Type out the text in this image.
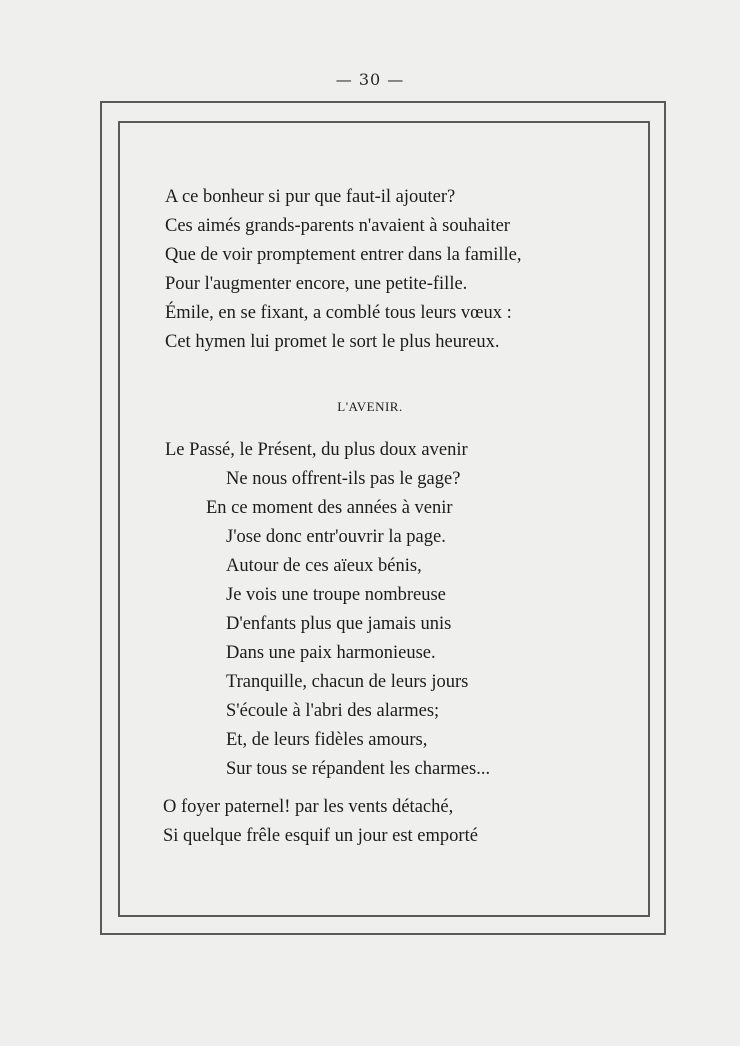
— 30 —
A ce bonheur si pur que faut-il ajouter?
Ces aimés grands-parents n'avaient à souhaiter
Que de voir promptement entrer dans la famille,
Pour l'augmenter encore, une petite-fille.
Émile, en se fixant, a comblé tous leurs vœux :
Cet hymen lui promet le sort le plus heureux.
L'AVENIR.
Le Passé, le Présent, du plus doux avenir
Ne nous offrent-ils pas le gage?
En ce moment des années à venir
J'ose donc entr'ouvrir la page.
Autour de ces aïeux bénis,
Je vois une troupe nombreuse
D'enfants plus que jamais unis
Dans une paix harmonieuse.
Tranquille, chacun de leurs jours
S'écoule à l'abri des alarmes;
Et, de leurs fidèles amours,
Sur tous se répandent les charmes...
O foyer paternel! par les vents détaché,
Si quelque frêle esquif un jour est emporté
